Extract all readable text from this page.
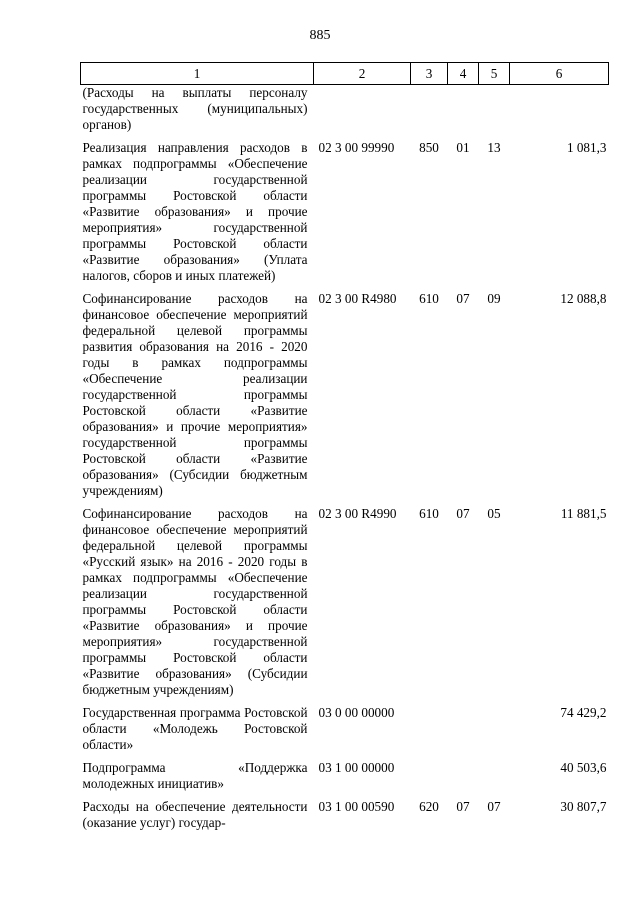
885
1	2	3	4	5	6
(Расходы на выплаты персоналу государственных (муниципальных) органов)					
Реализация направления расходов в рамках подпрограммы «Обеспечение реализации государственной программы Ростовской области «Развитие образования» и прочие мероприятия» государственной программы Ростовской области «Развитие образования» (Уплата налогов, сборов и иных платежей)	02 3 00 99990	850	01	13	1 081,3
Софинансирование расходов на финансовое обеспечение мероприятий федеральной целевой программы развития образования на 2016 - 2020 годы в рамках подпрограммы «Обеспечение реализации государственной программы Ростовской области «Развитие образования» и прочие мероприятия» государственной программы Ростовской области «Развитие образования» (Субсидии бюджетным учреждениям)	02 3 00 R4980	610	07	09	12 088,8
Софинансирование расходов на финансовое обеспечение мероприятий федеральной целевой программы «Русский язык» на 2016 - 2020 годы в рамках подпрограммы «Обеспечение реализации государственной программы Ростовской области «Развитие образования» и прочие мероприятия» государственной программы Ростовской области «Развитие образования» (Субсидии бюджетным учреждениям)	02 3 00 R4990	610	07	05	11 881,5
Государственная программа Ростовской области «Молодежь Ростовской области»	03 0 00 00000				74 429,2
Подпрограмма «Поддержка молодежных инициатив»	03 1 00 00000				40 503,6
Расходы на обеспечение деятельности (оказание услуг) государ-	03 1 00 00590	620	07	07	30 807,7
